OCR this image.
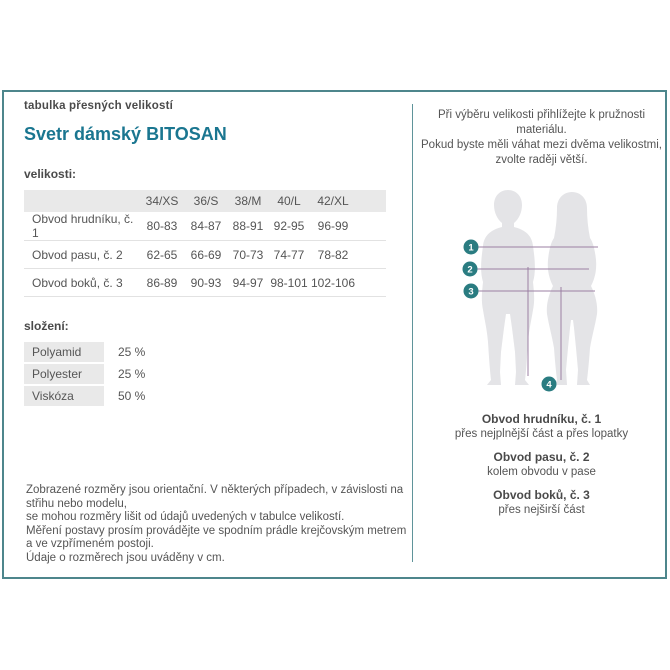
tabulka přesných velikostí
Svetr dámský BITOSAN
velikosti:
	34/XS	36/S	38/M	40/L	42/XL
Obvod hrudníku, č. 1	80-83	84-87	88-91	92-95	96-99
Obvod pasu, č. 2	62-65	66-69	70-73	74-77	78-82
Obvod boků, č. 3	86-89	90-93	94-97	98-101	102-106
složení:
Polyamid	25 %
Polyester	25 %
Viskóza	50 %
Zobrazené rozměry jsou orientační. V některých případech, v závislosti na střihu nebo modelu,
se mohou rozměry lišit od údajů uvedených v tabulce velikostí.
Měření postavy prosím provádějte ve spodním prádle krejčovským metrem a ve vzpřímeném postoji.
Údaje o rozměrech jsou uváděny v cm.
Při výběru velikosti přihlížejte k pružnosti materiálu.
Pokud byste měli váhat mezi dvěma velikostmi,
zvolte raději větší.
1
2
3
4
Obvod hrudníku, č. 1
přes nejplnější část a přes lopatky
Obvod pasu, č. 2
kolem obvodu v pase
Obvod boků, č. 3
přes nejširší část
